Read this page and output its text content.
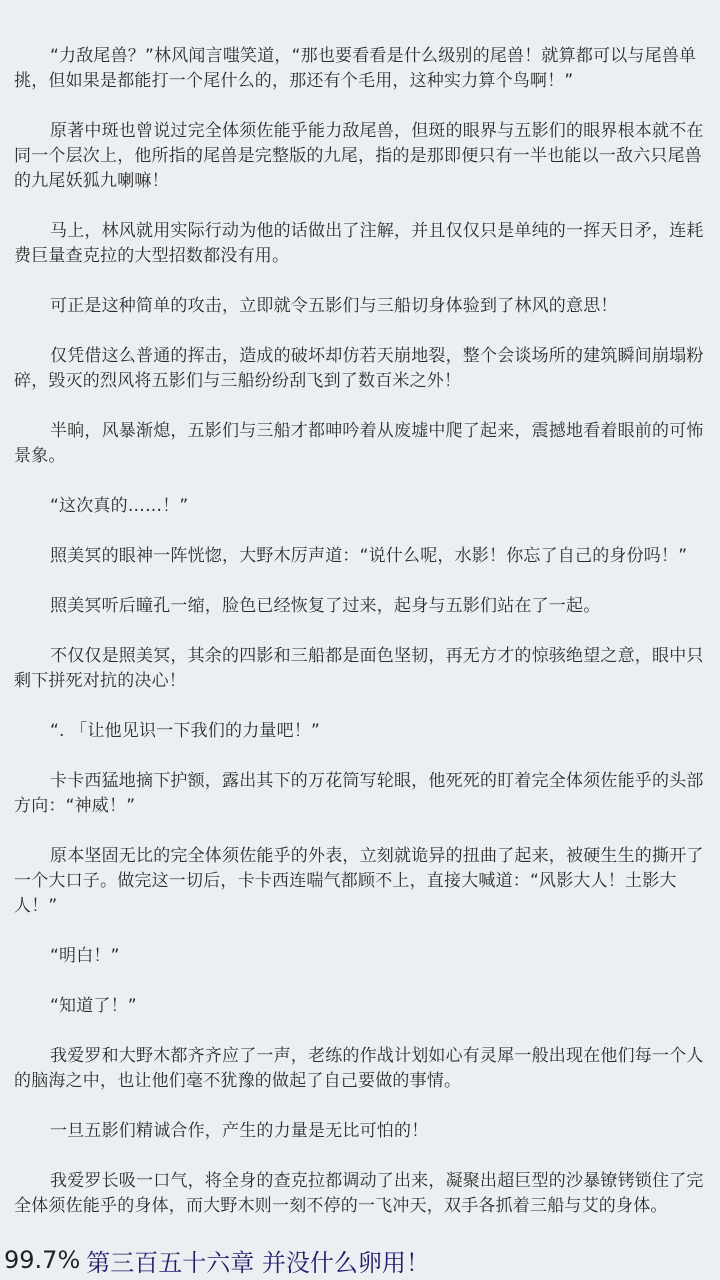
“力敌尾兽？”林风闻言嗤笑道，“那也要看看是什么级别的尾兽！就算都可以与尾兽单挑，但如果是都能打一个尾什么的，那还有个毛用，这种实力算个鸟啊！”

原著中斑也曾说过完全体须佐能乎能力敌尾兽，但斑的眼界与五影们的眼界根本就不在同一个层次上，他所指的尾兽是完整版的九尾，指的是那即便只有一半也能以一敌六只尾兽的九尾妖狐九喇嘛！

马上，林风就用实际行动为他的话做出了注解，并且仅仅只是单纯的一挥天日矛，连耗费巨量查克拉的大型招数都没有用。

可正是这种简单的攻击，立即就令五影们与三船切身体验到了林风的意思！

仅凭借这么普通的挥击，造成的破坏却仿若天崩地裂，整个会谈场所的建筑瞬间崩塌粉碎，毁灭的烈风将五影们与三船纷纷刮飞到了数百米之外！

半晌，风暴渐熄，五影们与三船才都呻吟着从废墟中爬了起来，震撼地看着眼前的可怖景象。

“这次真的……！”

照美冥的眼神一阵恍惚，大野木厉声道：“说什么呢，水影！你忘了自己的身份吗！”

照美冥听后瞳孔一缩，脸色已经恢复了过来，起身与五影们站在了一起。

不仅仅是照美冥，其余的四影和三船都是面色坚韧，再无方才的惊骇绝望之意，眼中只剩下拼死对抗的决心！

“. 「让他见识一下我们的力量吧！”

卡卡西猛地摘下护额，露出其下的万花筒写轮眼，他死死的盯着完全体须佐能乎的头部方向：“神威！”

原本坚固无比的完全体须佐能乎的外表，立刻就诡异的扭曲了起来，被硬生生的撕开了一个大口子。做完这一切后，卡卡西连喘气都顾不上，直接大喊道：“风影大人！土影大人！”

“明白！”

“知道了！”

我爱罗和大野木都齐齐应了一声，老练的作战计划如心有灵犀一般出现在他们每一个人的脑海之中，也让他们毫不犹豫的做起了自己要做的事情。

一旦五影们精诚合作，产生的力量是无比可怕的！

我爱罗长吸一口气，将全身的查克拉都调动了出来，凝聚出超巨型的沙暴镣铐锁住了完全体须佐能乎的身体，而大野木则一刻不停的一飞冲天，双手各抓着三船与艾的身体。

99.7% 第三百五十六章 并没什么卵用！
